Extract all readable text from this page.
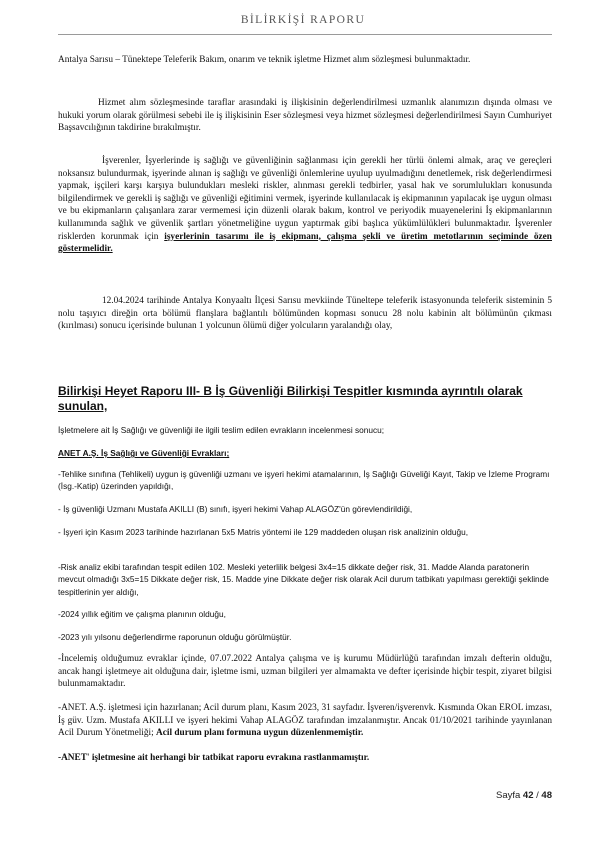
BİLİRKİŞİ RAPORU

Antalya Sarısu – Tünektepe Teleferik Bakım, onarım ve teknik işletme Hizmet alım sözleşmesi bulunmaktadır.

Hizmet alım sözleşmesinde taraflar arasındaki iş ilişkisinin değerlendirilmesi uzmanlık alanımızın dışında olması ve hukuki yorum olarak görülmesi sebebi ile iş ilişkisinin Eser sözleşmesi veya hizmet sözleşmesi değerlendirilmesi Sayın Cumhuriyet Başsavcılığının takdirine bırakılmıştır.

İşverenler, İşyerlerinde iş sağlığı ve güvenliğinin sağlanması için gerekli her türlü önlemi almak, araç ve gereçleri noksansız bulundurmak, işyerinde alınan iş sağlığı ve güvenliği önlemlerine uyulup uyulmadığını denetlemek, risk değerlendirmesi yapmak, işçileri karşı karşıya bulundukları mesleki riskler, alınması gerekli tedbirler, yasal hak ve sorumlulukları konusunda bilgilendirmek ve gerekli iş sağlığı ve güvenliği eğitimini vermek, işyerinde kullanılacak iş ekipmanının yapılacak işe uygun olması ve bu ekipmanların çalışanlara zarar vermemesi için düzenli olarak bakım, kontrol ve periyodik muayenelerini İş ekipmanlarının kullanımında sağlık ve güvenlik şartları yönetmeliğine uygun yaptırmak gibi başlıca yükümlülükleri bulunmaktadır. İşverenler risklerden korunmak için işyerlerinin tasarımı ile iş ekipmanı, çalışma şekli ve üretim metotlarının seçiminde özen göstermelidir.

12.04.2024 tarihinde Antalya Konyaaltı İlçesi Sarısu mevkiinde Tüneltepe teleferik istasyonunda teleferik sisteminin 5 nolu taşıyıcı direğin orta bölümü flanşlara bağlantılı bölümünden kopması sonucu 28 nolu kabinin alt bölümünün çıkması (kırılması) sonucu içerisinde bulunan 1 yolcunun ölümü diğer yolcuların yaralandığı olay,

Bilirkişi Heyet Raporu III- B İş Güvenliği Bilirkişi Tespitler kısmında ayrıntılı olarak sunulan,

İşletmelere ait İş Sağlığı ve güvenliği ile ilgili teslim edilen evrakların incelenmesi sonucu;

ANET A.Ş. İş Sağlığı ve Güvenliği Evrakları;

-Tehlike sınıfına (Tehlikeli) uygun iş güvenliği uzmanı ve işyeri hekimi atamalarının, İş Sağlığı Güveliği Kayıt, Takip ve İzleme Programı (İsg.-Katip) üzerinden yapıldığı,

- İş güvenliği Uzmanı Mustafa AKILLI (B) sınıfı, işyeri hekimi Vahap ALAGÖZ'ün görevlendirildiği,

- İşyeri için Kasım 2023 tarihinde hazırlanan 5x5 Matris yöntemi ile 129 maddeden oluşan risk analizinin olduğu,

-Risk analiz ekibi tarafından tespit edilen 102. Mesleki yeterlilik belgesi 3x4=15 dikkate değer risk, 31. Madde Alanda paratonerin mevcut olmadığı 3x5=15 Dikkate değer risk, 15. Madde yine Dikkate değer risk olarak Acil durum tatbikatı yapılması gerektiği şeklinde tespitlerinin yer aldığı,

-2024 yıllık eğitim ve çalışma planının olduğu,

-2023 yılı yılsonu değerlendirme raporunun olduğu görülmüştür.

-İncelemiş olduğumuz evraklar içinde, 07.07.2022 Antalya çalışma ve iş kurumu Müdürlüğü tarafından imzalı defterin olduğu, ancak hangi işletmeye ait olduğuna dair, işletme ismi, uzman bilgileri yer almamakta ve defter içerisinde hiçbir tespit, ziyaret bilgisi bulunmamaktadır.

-ANET. A.Ş. işletmesi için hazırlanan; Acil durum planı, Kasım 2023, 31 sayfadır. İşveren/işverenvk. Kısmında Okan EROL imzası, İş güv. Uzm. Mustafa AKILLI ve işyeri hekimi Vahap ALAGÖZ tarafından imzalanmıştır. Ancak 01/10/2021 tarihinde yayınlanan Acil Durum Yönetmeliği; Acil durum planı formuna uygun düzenlenmemiştir.

-ANET' işletmesine ait herhangi bir tatbikat raporu evrakına rastlanmamıştır.

Sayfa 42 / 48
